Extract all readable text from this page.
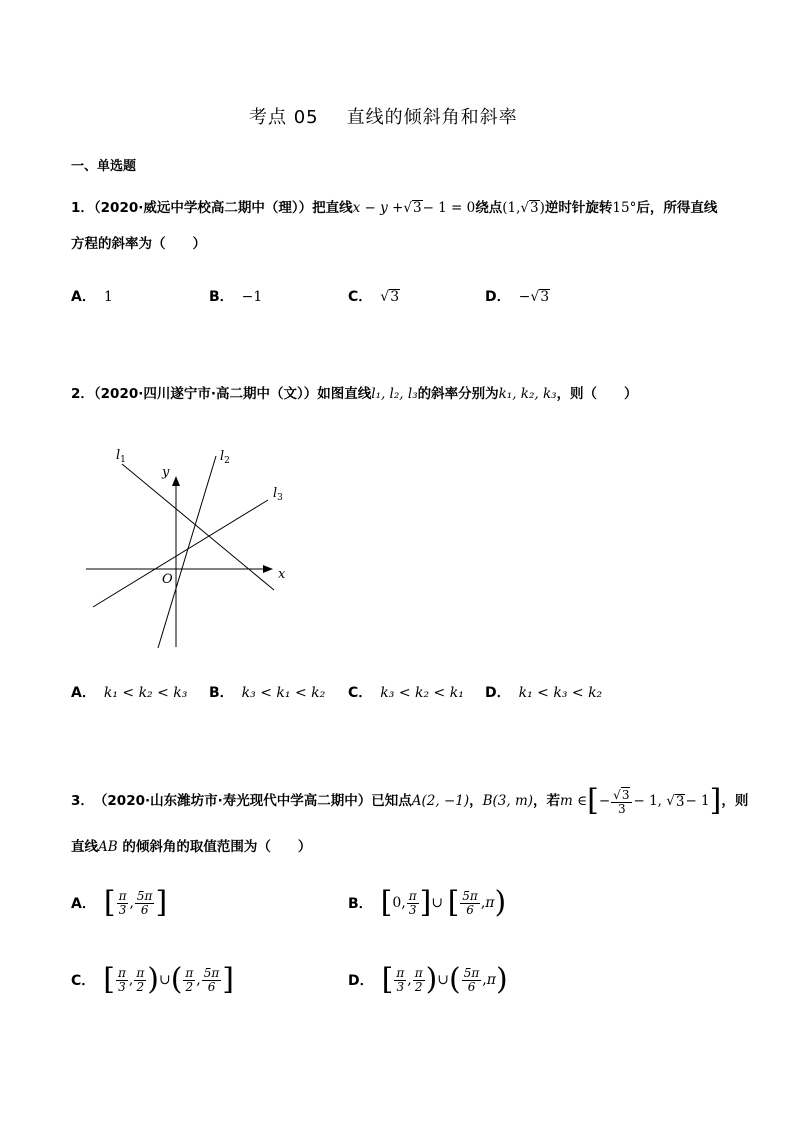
考点 05 直线的倾斜角和斜率
一、单选题
1．（2020·威远中学校高二期中（理））把直线x − y +√3− 1 = 0绕点(1,√3)逆时针旋转15°后，所得直线
方程的斜率为（　　）
A． 1	B． −1	C． √3	D． −√3
2．（2020·四川遂宁市·高二期中（文））如图直线l₁, l₂, l₃的斜率分别为k₁, k₂, k₃，则（　　）
$l_1$	$l_2$
$l_3$
y
x
O
A． k₁ < k₂ < k₃ B． k₃ < k₁ < k₂ C． k₃ < k₂ < k₁ D． k₁ < k₃ < k₂
3． （2020·山东潍坊市·寿光现代中学高二期中） 已知点 A(2, −1) ， B(3, m) ，若 m ∈ [ − $\frac{√3}{3} - 1$, √ 3 − 1 ] ，则
直线AB 的倾斜角的取值范围为（　　）
A． [ $\frac{\pi}{3}$ , $\frac{5\pi}{6}$ ]	B． [ 0 , $\frac{\pi}{3}$ ] ∪
[ $\frac{5\pi}{6}$ , π )
C． [ $\frac{\pi}{3}$ , $\frac{\pi}{2}$ ) ∪ ( $\frac{\pi}{2}$ , $\frac{5\pi}{6}$ ]	D． [ $\frac{\pi}{3}$ , $\frac{\pi}{2}$ ) ∪ ( $\frac{5\pi}{6}$ , π )
